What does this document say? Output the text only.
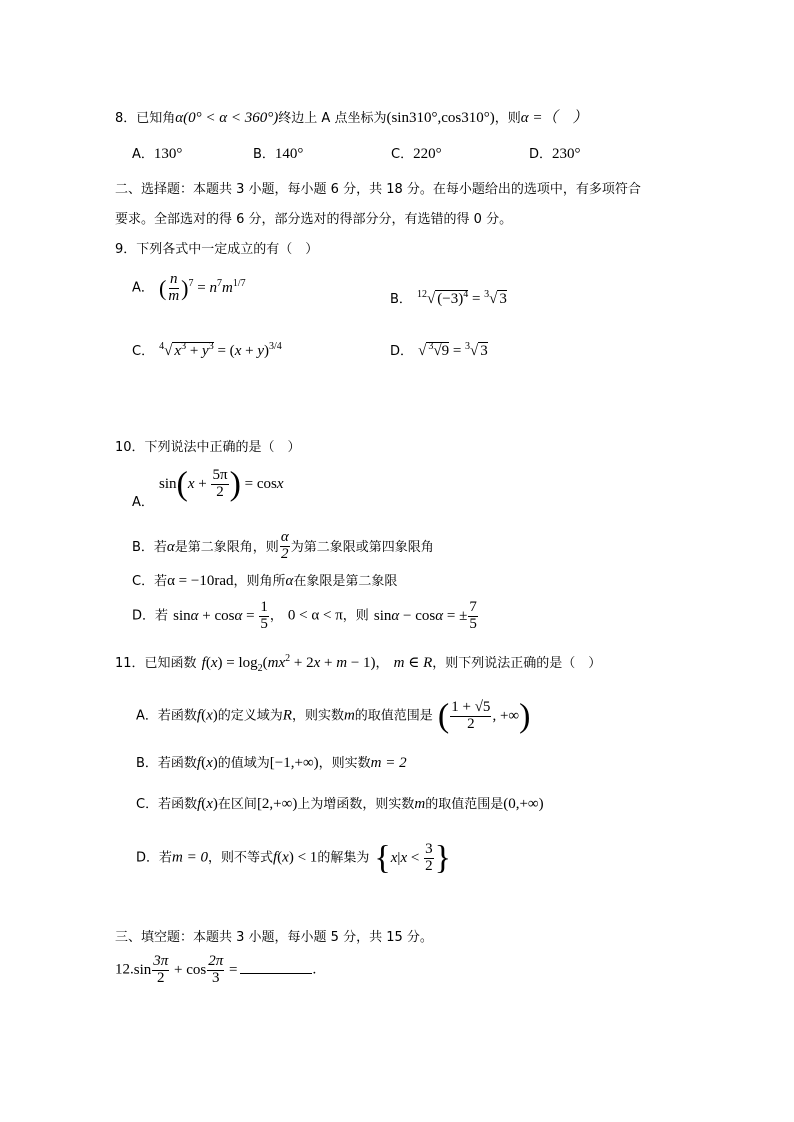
8．已知角α(0° < α < 360°)终边上 A 点坐标为(sin310°,cos310°)，则α =（　）
A．130°	B．140°	C．220°	D．230°
二、选择题：本题共 3 小题，每小题 6 分，共 18 分。在每小题给出的选项中，有多项符合
要求。全部选对的得 6 分，部分选对的得部分分，有选错的得 0 分。
9．下列各式中一定成立的有（　）
A． ( $\frac{n}{m} )^7 = n^7m^{1/7}$
B． $^{12}$√ $(-3)^4 = ^3√$ 3
C． $^4$√ $x^3 + y^3 = (x + y)^{3/4}$	D． √ $^3$√9 = $^3$√ 3
10．下列说法中正确的是（　）
$_{A.}$ $\sin(x + \frac{5\pi}{2}$ ) = cosx
B．若α是第二象限角，则 $\frac{\alpha}{2}$ 为第二象限或第四象限角
C．若α = −10rad，则角所α在象限是第二象限
D．若 $\sin\alpha + \cos\alpha = \frac{1}{5}$ ， 0 < α < π，则 sinα − cosα = ± $\frac{7}{5}$
11．已知函数 $f(x) = \log_2(mx^2 + 2x + m - 1)$， m ∈ R，则下列说法正确的是（　）
A．若函数f(x)的定义域为R，则实数m的取值范围是 ( $\frac{1 + √5}{2}$ , +∞)
B．若函数f(x)的值域为[−1,+∞)，则实数m = 2
C．若函数f(x)在区间[2,+∞)上为增函数，则实数m的取值范围是(0,+∞)
D．若m = 0，则不等式f(x) < 1的解集为 {$x|x < \frac{3}{2}$ }
三、填空题：本题共 3 小题，每小题 5 分，共 15 分。
$12.\sin \frac{3\pi}{2} + \cos \frac{2\pi}{3}$ =	.
